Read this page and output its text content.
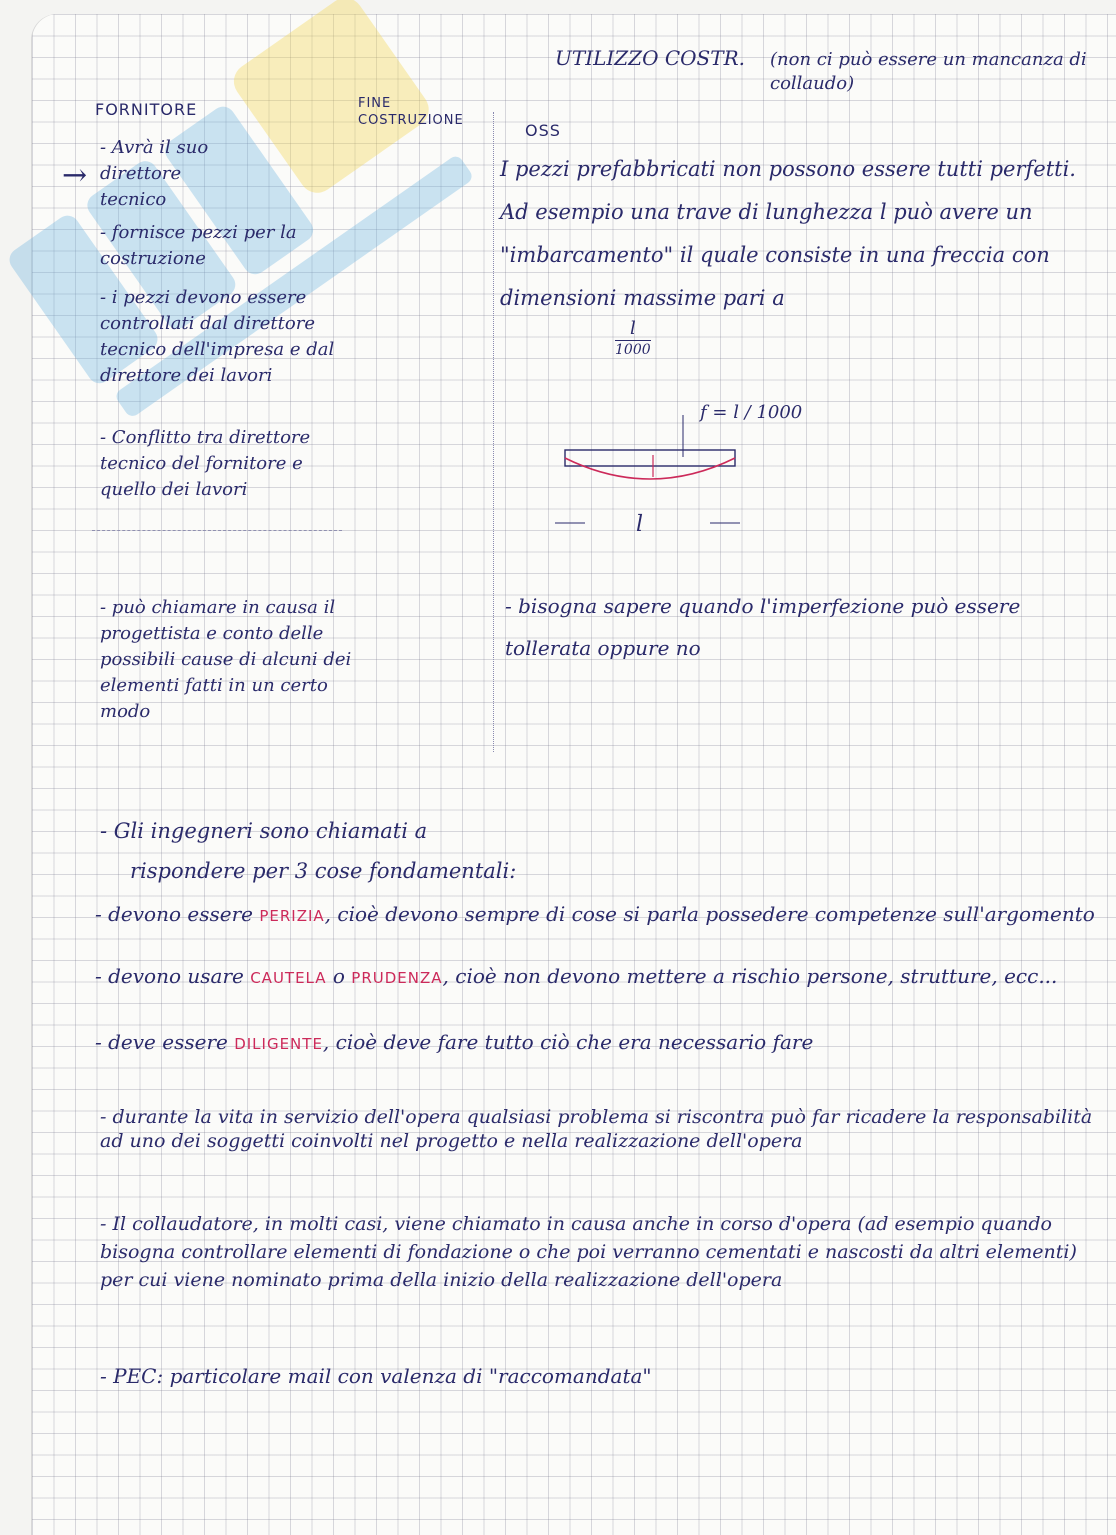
UTILIZZO COSTR. (non ci può essere un mancanza di collaudo)

FORNITORE	FINE COSTRUZIONE

→

- Avrà il suo direttore tecnico

- fornisce pezzi per la costruzione

- i pezzi devono essere controllati dal direttore tecnico dell'impresa e dal direttore dei lavori

- Conflitto tra direttore tecnico del fornitore e quello dei lavori

- può chiamare in causa il progettista e conto delle possibili cause di alcuni dei elementi fatti in un certo modo

OSS

I pezzi prefabbricati non possono essere tutti perfetti. Ad esempio una trave di lunghezza l può avere un "imbarcamento" il quale consiste in una freccia con dimensioni massime pari a

l
1000

f = l / 1000

l

- bisogna sapere quando l'imperfezione può essere tollerata oppure no

- Gli ingegneri sono chiamati a

rispondere per 3 cose fondamentali:

- devono essere PERIZIA, cioè devono sempre di cose si parla possedere competenze sull'argomento

- devono usare CAUTELA o PRUDENZA, cioè non devono mettere a rischio persone, strutture, ecc...

- deve essere DILIGENTE, cioè deve fare tutto ciò che era necessario fare

- durante la vita in servizio dell'opera qualsiasi problema si riscontra può far ricadere la responsabilità ad uno dei soggetti coinvolti nel progetto e nella realizzazione dell'opera

- Il collaudatore, in molti casi, viene chiamato in causa anche in corso d'opera (ad esempio quando bisogna controllare elementi di fondazione o che poi verranno cementati e nascosti da altri elementi) per cui viene nominato prima della inizio della realizzazione dell'opera

- PEC: particolare mail con valenza di "raccomandata"
